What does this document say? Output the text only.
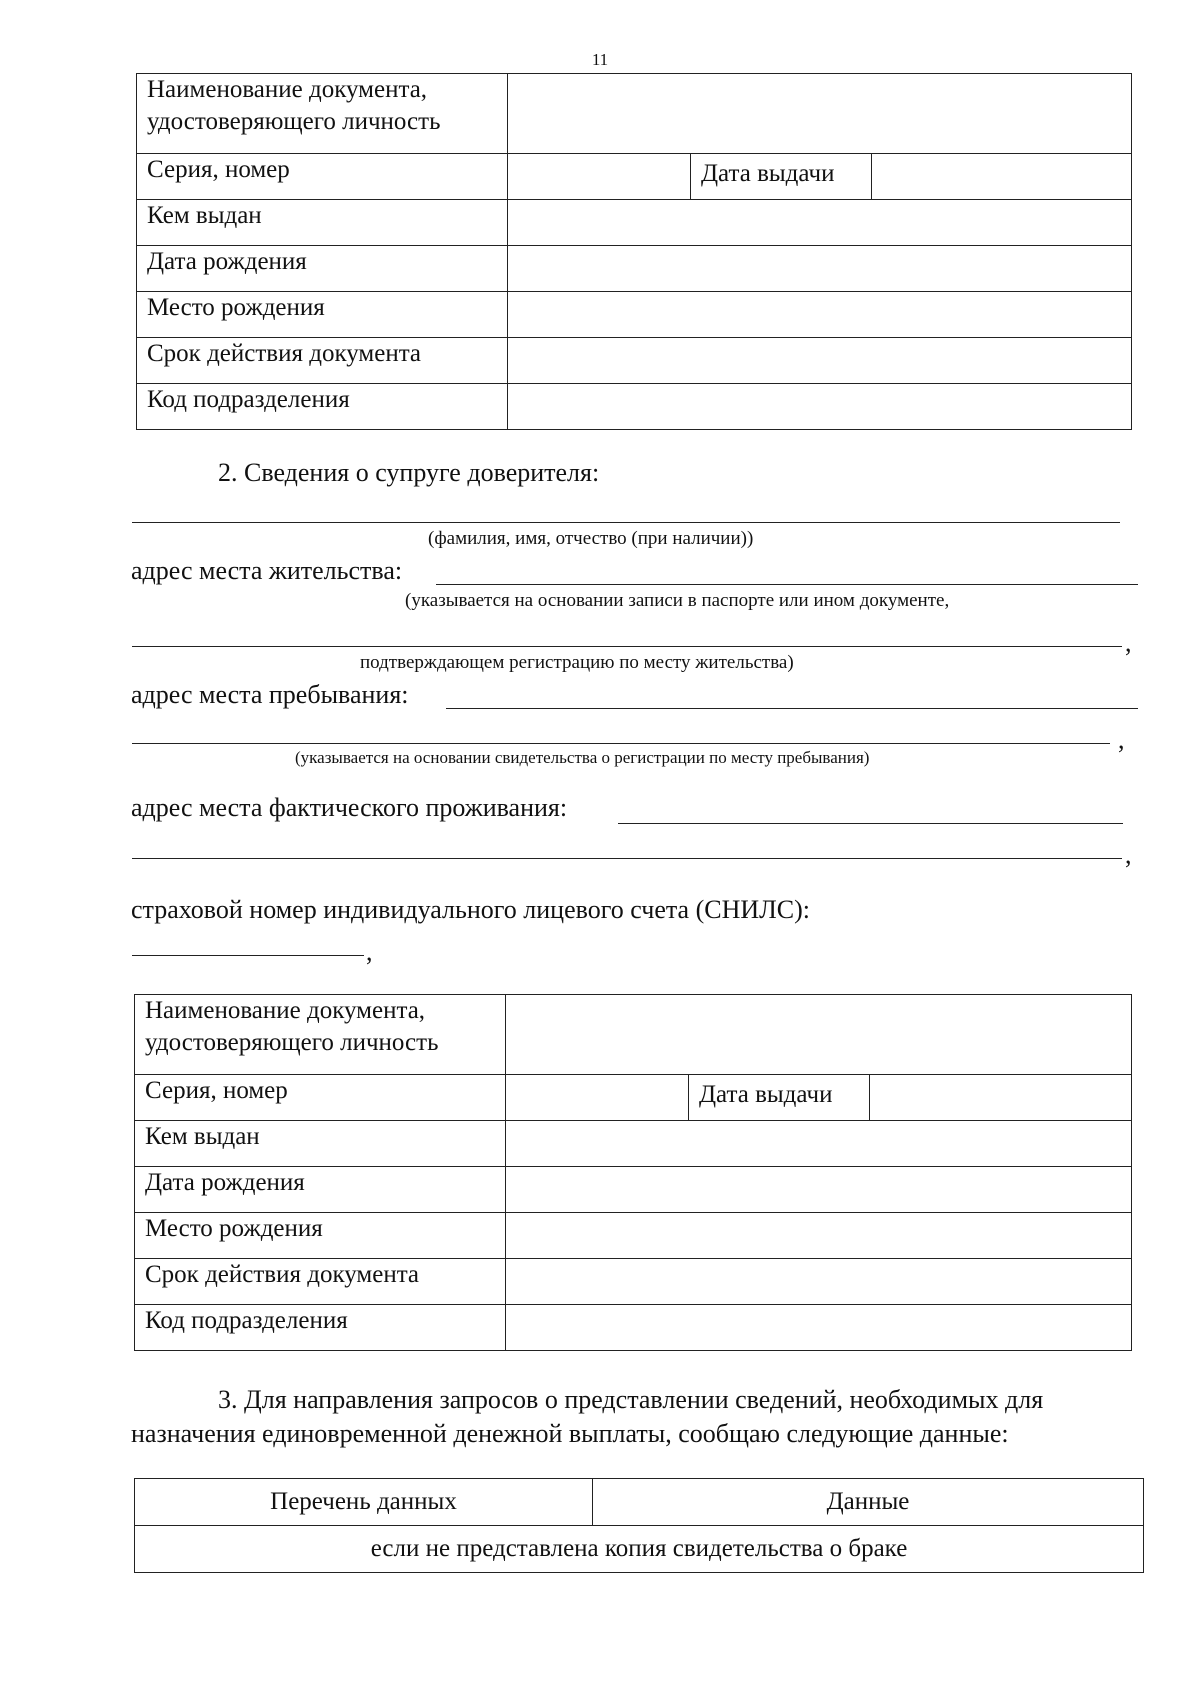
11
Наименование документа, удостоверяющего личность			
Серия, номер		Дата выдачи	
Кем выдан			
Дата рождения			
Место рождения			
Срок действия документа			
Код подразделения			
2. Сведения о супруге доверителя:
(фамилия, имя, отчество (при наличии))
адрес места жительства:
(указывается на основании записи в паспорте или ином документе,
,
подтверждающем регистрацию по месту жительства)
адрес места пребывания:
,
(указывается на основании свидетельства о регистрации по месту пребывания)
адрес места фактического проживания:
,
страховой номер индивидуального лицевого счета (СНИЛС):
,
Наименование документа, удостоверяющего личность			
Серия, номер		Дата выдачи	
Кем выдан			
Дата рождения			
Место рождения			
Срок действия документа			
Код подразделения			
3. Для направления запросов о представлении сведений, необходимых для назначения единовременной денежной выплаты, сообщаю следующие данные:
Перечень данных	Данные
если не представлена копия свидетельства о браке
